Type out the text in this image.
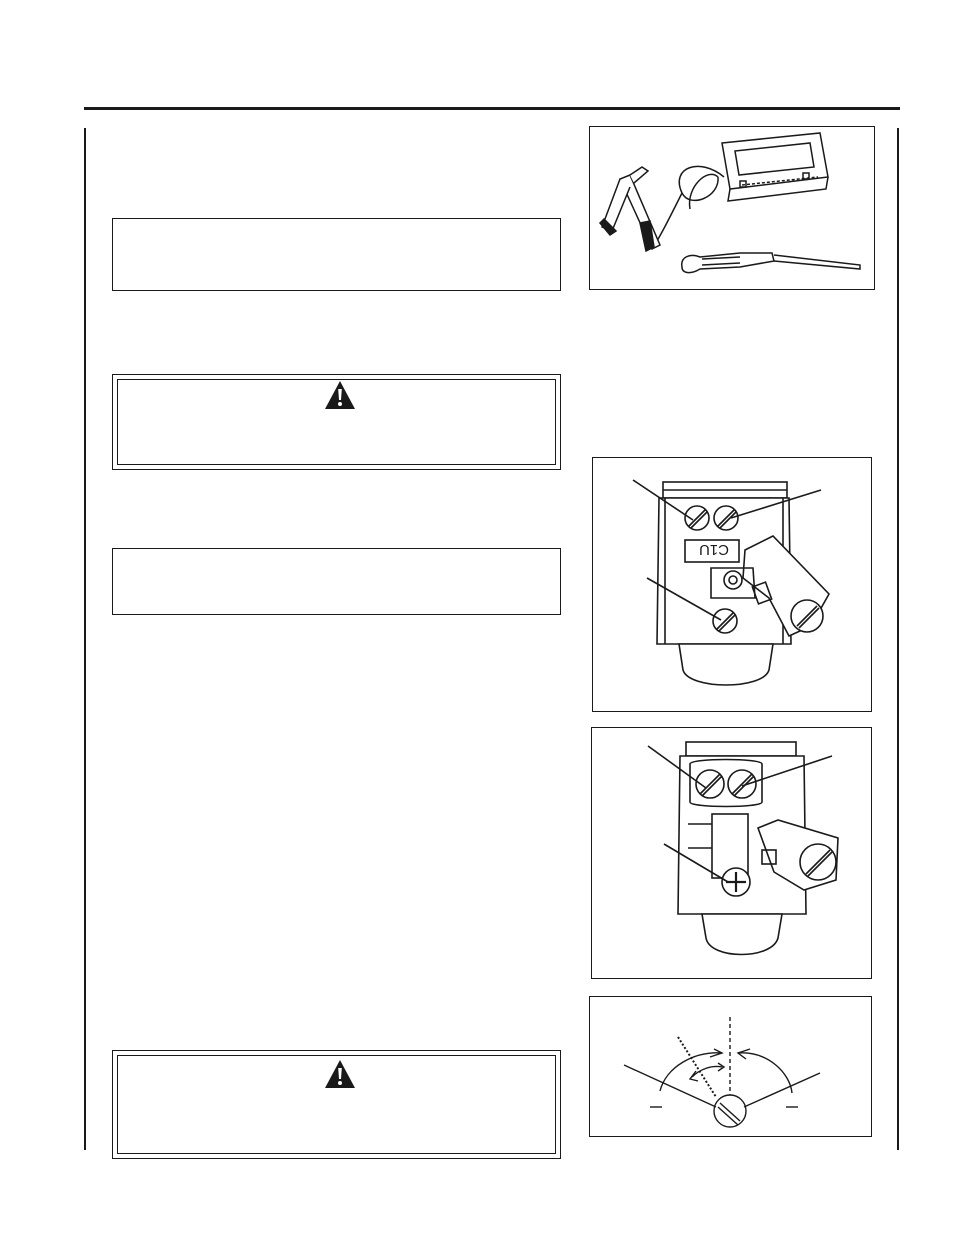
C1U
